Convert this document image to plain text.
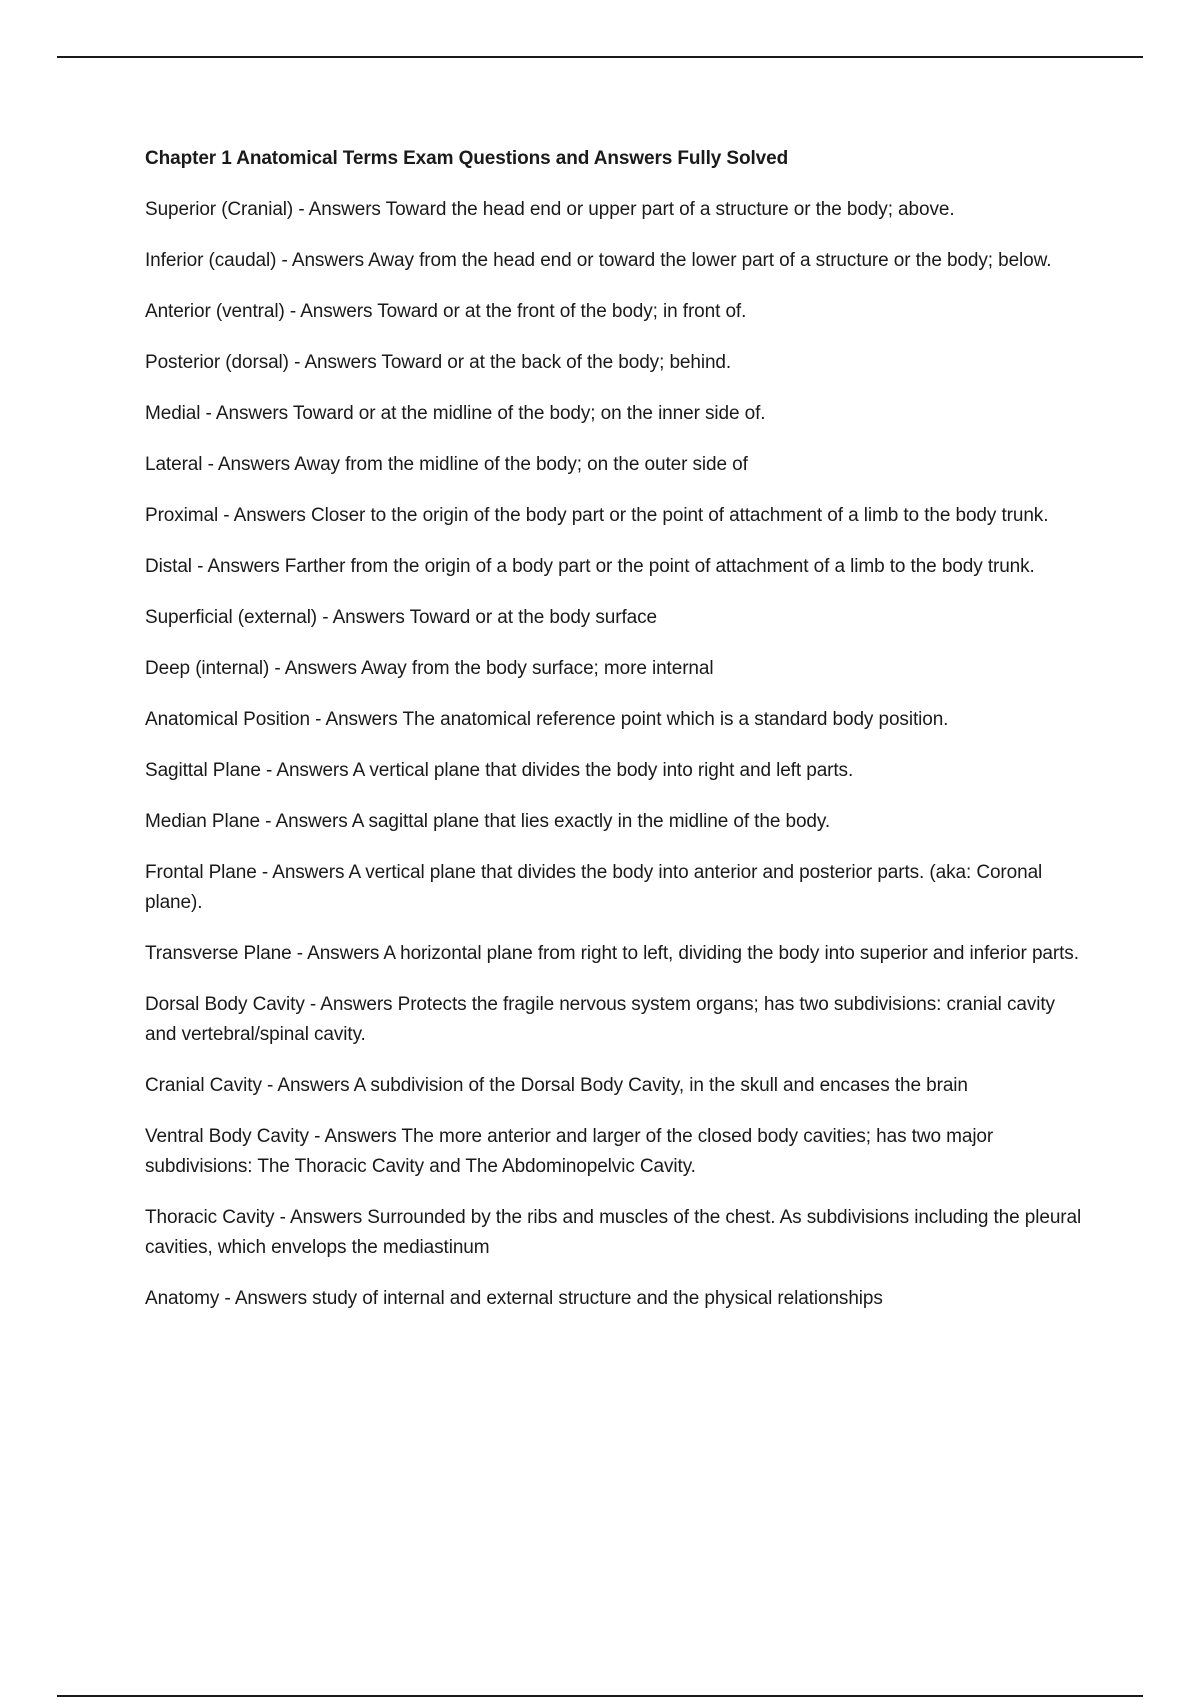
Chapter 1 Anatomical Terms Exam Questions and Answers Fully Solved
Superior (Cranial) - Answers Toward the head end or upper part of a structure or the body; above.
Inferior (caudal) - Answers Away from the head end or toward the lower part of a structure or the body; below.
Anterior (ventral) - Answers Toward or at the front of the body; in front of.
Posterior (dorsal) - Answers Toward or at the back of the body; behind.
Medial - Answers Toward or at the midline of the body; on the inner side of.
Lateral - Answers Away from the midline of the body; on the outer side of
Proximal - Answers Closer to the origin of the body part or the point of attachment of a limb to the body trunk.
Distal - Answers Farther from the origin of a body part or the point of attachment of a limb to the body trunk.
Superficial (external) - Answers Toward or at the body surface
Deep (internal) - Answers Away from the body surface; more internal
Anatomical Position - Answers The anatomical reference point which is a standard body position.
Sagittal Plane - Answers A vertical plane that divides the body into right and left parts.
Median Plane - Answers A sagittal plane that lies exactly in the midline of the body.
Frontal Plane - Answers A vertical plane that divides the body into anterior and posterior parts. (aka: Coronal plane).
Transverse Plane - Answers A horizontal plane from right to left, dividing the body into superior and inferior parts.
Dorsal Body Cavity - Answers Protects the fragile nervous system organs; has two subdivisions: cranial cavity and vertebral/spinal cavity.
Cranial Cavity - Answers A subdivision of the Dorsal Body Cavity, in the skull and encases the brain
Ventral Body Cavity - Answers The more anterior and larger of the closed body cavities; has two major subdivisions: The Thoracic Cavity and The Abdominopelvic Cavity.
Thoracic Cavity - Answers Surrounded by the ribs and muscles of the chest. As subdivisions including the pleural cavities, which envelops the mediastinum
Anatomy - Answers study of internal and external structure and the physical relationships
